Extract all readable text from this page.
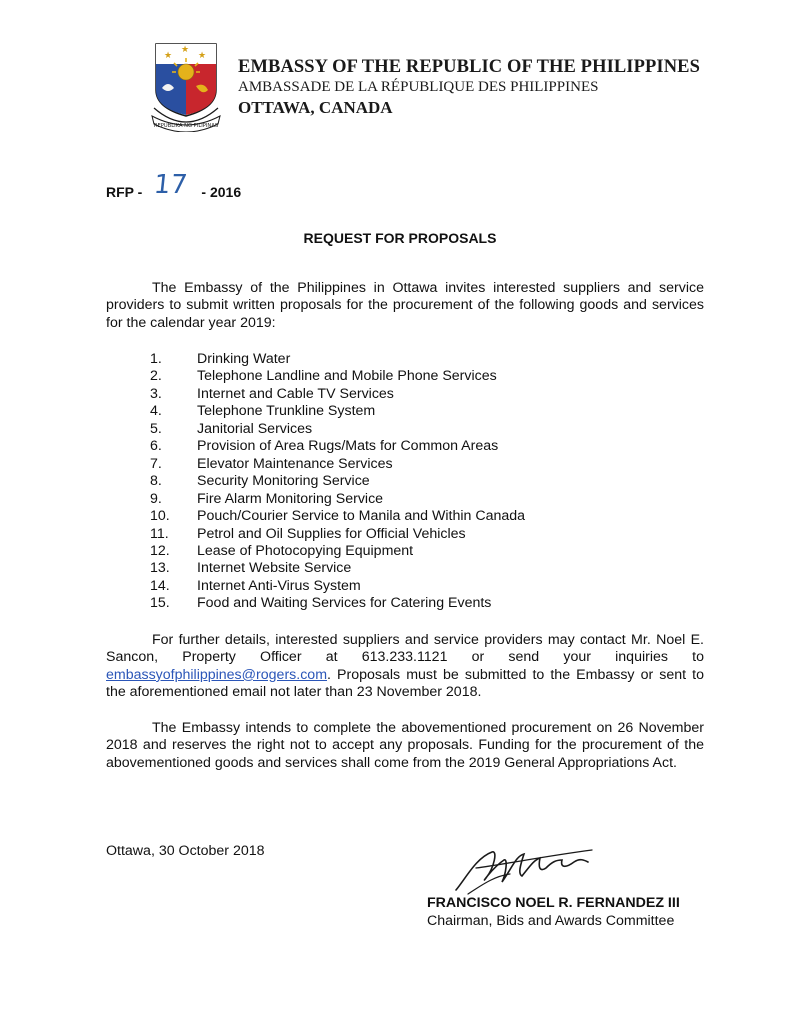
★
★
★
REPUBLIKA NG PILIPINAS
EMBASSY OF THE REPUBLIC OF THE PHILIPPINES
AMBASSADE DE LA RÉPUBLIQUE DES PHILIPPINES
OTTAWA, CANADA
RFP - 17 - 2016
REQUEST FOR PROPOSALS
The Embassy of the Philippines in Ottawa invites interested suppliers and service providers to submit written proposals for the procurement of the following goods and services for the calendar year 2019:
1.	Drinking Water
2.	Telephone Landline and Mobile Phone Services
3.	Internet and Cable TV Services
4.	Telephone Trunkline System
5.	Janitorial Services
6.	Provision of Area Rugs/Mats for Common Areas
7.	Elevator Maintenance Services
8.	Security Monitoring Service
9.	Fire Alarm Monitoring Service
10.	Pouch/Courier Service to Manila and Within Canada
11.	Petrol and Oil Supplies for Official Vehicles
12.	Lease of Photocopying Equipment
13.	Internet Website Service
14.	Internet Anti-Virus System
15.	Food and Waiting Services for Catering Events
For further details, interested suppliers and service providers may contact Mr. Noel E. Sancon, Property Officer at 613.233.1121 or send your inquiries to embassyofphilippines@rogers.com. Proposals must be submitted to the Embassy or sent to the aforementioned email not later than 23 November 2018.
The Embassy intends to complete the abovementioned procurement on 26 November 2018 and reserves the right not to accept any proposals. Funding for the procurement of the abovementioned goods and services shall come from the 2019 General Appropriations Act.
Ottawa, 30 October 2018
FRANCISCO NOEL R. FERNANDEZ III
Chairman, Bids and Awards Committee
